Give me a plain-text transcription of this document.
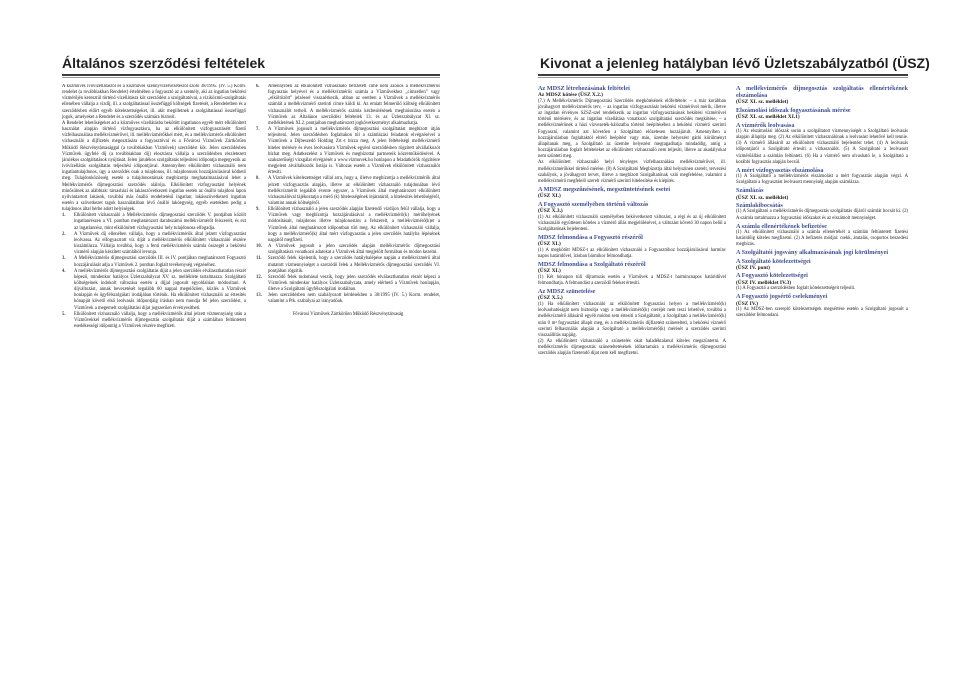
Általános szerződési feltételek	Kivonat a jelenleg hatályban lévő Üzletszabályzatból (ÜSZ)

A közműves ivóvízellátásról és a közműves szennyvízelvezetésről szóló 38/1995. (IV. 5.) Korm. rendelet (a továbbiakban Rendelet) értelmében a fogyasztó az a személy, aki az ingatlan bekötési vízmérőjén keresztül történő vízellátásra köt szerződést a szolgáltatóval, a víziközmű-szolgáltatás ellenében vállalja a vízdíj, ill. a szolgáltatással összefüggő költségek fizetését, a Rendeletben és a szerződésben előírt egyéb kötelezettségeket, ill. akit megilletnek a szolgáltatással összefüggő jogok, amelyeket a Rendelet és a szerződés számára biztosít.

A Rendelet lehetőségeket ad a közműves vízellátásba bekötött ingatlanon egyéb mért elkülönített használat alapján történő vízfogyasztásra, ha az elkülönített vízfogyasztásért fizető vízfelhasználása mellékvízmérővel, ill. mellékvízmérőkkel mért, és a mellékvízmérős elkülönített vízhasználó a díjfizetés megosztására a fogyasztóval és a Fővárosi Vízművek Zártkörűen Működő Részvénytársasággal (a továbbiakban Vízművek) szerződést köt. Jelen szerződésben Vízművek ügyfelé díj (a továbbiakban díj) elosztásra vállalja a szerződésben részletezett járulékos szolgáltatások nyújtását. Jelen járulékos szolgáltatás teljesítési időpontja megegyezik az ivóvízellátás szolgáltatás teljesítési időpontjával. Amennyiben elkülönített vízhasználó nem ingatlantulajdonos, úgy a szerződés csak a tulajdonos, ill. tulajdonosok hozzájárulásával köthető meg. Tulajdonközösség esetén a tulajdonostársak megbízottja meghatalmazásával lehet a Mellékvízmérős díjmegosztási szerződés aláírója. Elkülönített vízfogyasztást helyének minősülnek az alábbiak: társasházi és lakásszövetkezeti ingatlan esetén az önálló tulajdoni lapon nyilvántartott lakások, továbbá más önálló rendeltetésű ingatlan; lakásszövetkezeti ingatlan esetén a szövetkezet tagok használatában lévő önálló lakóegység, egyéb esetekben pedig a tulajdonos által bérbe adott helyiségek.

1.	Elkülönített vízhasználó a Mellékvízmérős díjmegosztási szerződés V. pontjában közölt ingatlanrészen a VI. pontban meghatározott darabszámú mellékvízmérőt felszerelt, és ezt az ingatlanrész, mint elkülönített vízfogyasztási hely tulajdonosa elfogadja.
2.	A Vízművek díj ellenében vállalja, hogy a mellékvízmérők által jelzett vízfogyasztást leolvassa. Az elfogyasztott víz díját a mellékvízmérős elkülönített vízhasználó részére kiszámlázza. Vállalja továbbá, hogy a fenti mellékvízmérős számla összegét a bekötési vízmérő alapján készített számlából levonja.
3.	A Mellékvízmérős díjmegosztási szerződés III. és IV. pontjában meghatározott Fogyasztó hozzájárulását adja a Vízművek 2. pontban foglalt tevékenység végzéséhez.
4.	A mellékvízmérős díjmegosztási szolgáltatás díját a jelen szerződés elválaszthatatlan részét képező, mindenkor hatályos Üzletszabályzat XV. sz. melléklete tartalmazza. Szolgáltató költségeinek indokolt változása esetén a díjjal jogosult egyoldalúan módosítani. A díjváltozást, annak bevezetését legalább 60 nappal megelőzően, közlés a Vízművek honlapján és ügyfélszolgálati irodájában történik. Ha elkülönített vízhasználó az értesítés hónapját követő első leolvasás időpontjáig írásban nem mondja fel jelen szerződést, a Vízművek a megemelt szolgáltatási díjat jogszerűen érvényesítheti.
5.	Elkülönített vízhasználó vállalja, hogy a mellékvízmérők által jelzett vízmennyiség után a Vízművekkel mellékvízmérős díjmegosztás szolgáltatás díját a számlában feltüntetett esedékességi időpontig a Vízművek részére megfizeti.
6.	Amennyiben az elkülönített vízhasználó befizetett címe nem azonos a mellékvízmérős fogyasztás helyével és a mellékvízmérős számla a Vízművekhez „címzetlen” vagy „elköltözött” jelzéssel visszaérkezik, abban az esetben a Vízművek a mellékvízmérős számlát a mellékvízmérő szerinti címre küldi ki. Az emiatt felmerülő költség elkülönített vízhasználót terheli. A mellékvízmérős számla kézbesítésének meghiúsulása esetén a Vízművek az Általános szerződési feltételek 13. és az Üzletszabályzat XI. sz. mellékletének XI.2. pontjaiban meghatározott jogkövetkezményt alkalmazhatja.
7.	A Vízművek jogosult a mellékvízmérős díjmegosztási szolgáltatást megbízott útján teljesíteni. Jelen szerződésben foglaltakon túl a számlázási feladatok elvégzésével a Vízművek a Díjbeszedő Holding Zrt.-t bízza meg. A jelen feltételségi mellékvízmérő hiteles mérésre és éves leolvasásra Vízművek egyéni szerződésben rögzített alvállalkozót bízhat meg. Adatkezelést a Vízművek és megbízottai partnereik közreműködésével. A szakszerűségi vizsgálat elvégzését a www.vizmuvek.hu honlapon a feladatkörök rögzítésre megjelent alvállalkozók listája is. Változás esetén a Vízművek elkülönített vízhasználót értesíti.
8.	A Vízművek kötelezettséget vállal arra, hogy a, illetve megbízottja a mellékvízmérők által jelzett vízfogyasztás alapján, illetve az elkülönített vízhasználó tulajdonában lévő mellékvízmérőt legalább évente egyszer, a Vízművek által meghatározott elkülönített vízhasználóval tájékoztatja a mérő (k) hitelességének lejáratáról, a hitelesítés lehetőségéről, valamint annak költségéről.
9.	Elkülönített vízhasználó a jelen szerződés alapján fizetendő vízdíjon felül vállalja, hogy a Vízművek vagy megbízottja hozzájárulásával a mellékvízmérő(k) mérőhelyének módosításait, tulajdonos illetve tulajdonostárs a felszerelt, a mellékvízmérő(k)et a Vízművek által meghatározott időpontban tűri meg. Az elkülönített vízhasználó vállalja, hogy a mellékvízmérő(k) által mért vízfogyasztás a jelen szerződés hatályba lépésének napjától megfizeti.
10.	A Vízművek jogosult a jelen szerződés alapján mellékvízmérős díjmegosztási szolgáltatásra vonatkozó adatokat a Vízművek által megjelölt formában és módon kezelni.
11.	Szerződő felek kijelentik, hogy a szerződés hatálybalépése napján a mellékvízmérő által mutatott vízmennyiséget a szerződő felek a Mellékvízmérős díjmegosztási szerződés VI. pontjában rögzítik.
12.	Szerződő felek tudomásul veszik, hogy jelen szerződés elválaszthatatlan részét képezi a Vízművek mindenkor hatályos Üzletszabályzata, amely elérhető a Vízművek honlapján, illetve a Szolgáltató ügyfélszolgálati irodáiban.
13.	Jelen szerződésben nem szabályozott kérdésekben a 38/1995 (IV. 5.) Korm. rendelet, valamint a Ptk. szabályai az irányadóak.

Fővárosi Vízművek Zártkörűen Működő Részvénytársaság

Az MDSZ létrehozásának feltételei
Az MDSZ kötése (ÜSZ X.2.)

(7.) A Mellékvízmérős Díjmegosztási Szerződés megkötésének előfeltétele: – a már korábban jóváhagyott mellékvízmérős terv, – az ingatlan vízfogyasztását bekötési vízmérővel mérik, illetve az ingatlan érvényes SZSZ-szel rendelkezik az ingatlan vízfogyasztásának bekötési vízmérővel történő mérésére, és az ingatlan vízellátása vonatkozó szolgáltatási szerződés megkötése, – a mellékvízmérőnek a házi vízvezeték-hálózatba történő beépítéséhez a bekötési vízmérő szerinti Fogyasztó, valamint azt követően a Szolgáltató előzetesen hozzájárult. Amennyiben a hozzájárulásban foglaltaktól eltérő beépítést vagy más, üzembe helyezést gátló körülményt állapítanak meg, a Szolgáltató az üzembe helyezést megtagadhatja mindaddig, amíg a hozzájárulásban foglalt feltételeket az elkülönített vízhasználó nem teljesíti, illetve az akadályokat nem szünteti meg.

Az elkülönített vízhasználó helyi tényleges vízfelhasználása mellékvízmérővel, ill. mellékvízmérőkkel történő mérése. (8) A Szolgáltató Megbízottja által helyszínen szerelt, tervezési szabályok, a jóváhagyott tervet, illetve a megbízott Szolgáltatónak való megfelelése, valamint a mellékvízmérő megfelelő szerelt vízmérő szerinti hitelesítése és kiépítés.

A MDSZ megszűnésének, megszüntetésének esetei
(ÜSZ XI.)
A Fogyasztó személyében történő változás
(ÜSZ X.3.)

(1) Az elkülönített vízhasználó személyében bekövetkezett változást, a régi és az új elkülönített vízhasználó együttesen köteles a vízmérő állás megjelölésével, a változást követő 30 napon belül a Szolgáltatónak bejelenteni.

MDSZ felmondása a Fogyasztó részéről
(ÜSZ XI.)

(1) A megkötött MDSZ-t az elkülönített vízhasználó a Fogyasztóhoz hozzájárulásával harminc napos határidővel, írásban bármikor felmondhatja.

MDSZ felmondása a Szolgáltató részéről
(ÜSZ XI.)

(1) Két hónapon túli díjtartozás esetén a Vízművek a MDSZ-t harmincnapos határidővel felmondhatja. A felmondást a szerződő feleket értesíti.

Az MDSZ szünetelése
(ÜSZ X.5.)

(1) Ha elkülönített vízhasználó az elkülönített fogyasztási helyen a mellékvízmérő(k) leolvashatóságát nem biztosítja vagy a mellékvízmérő(k) cseréjét nem teszi lehetővé, továbbá a mellékvízmérő állásáról egyéb módon sem értesíti a Szolgáltatót, a Szolgáltató a mellékvízmérő(k) után 0 m³ fogyasztást állapít meg, és a mellékvízmérős díjfizetést szünetelteti, a bekötési vízmérő szerinti felhasználás alapján a Szolgáltató a mellékvízmérő(k) mérését a szerződés szerinti visszaállítás napjáig.

(2) Az elkülönített vízhasználó a szünetelés okát haladéktalanul köteles megszüntetni. A mellékvízmérős díjmegosztás szüneteltetésének időtartamára a mellékvízmérős díjmegosztási szerződés alapján fizetendő díjat nem kell megfizetni.

A mellékvízmérős díjmegosztás szolgáltatás ellenértékének elszámolása
(ÜSZ XI. sz. melléklet)
Elszámolási időszak fogyasztásának mérése
(ÜSZ XI. sz. melléklet XI.1)
A vízmérők leolvasása

(1) Az elszámolási időszak során a szolgáltatott vízmennyiségét a Szolgáltató leolvasás alapján állapítja meg. (2) Az elkülönített vízhasználónak a leolvasást lehetővé kell tennie. (3) A vízmérő állásáról az elkülönített vízhasználó bejelentést tehet. (4) A leolvasás időpontjáról a Szolgáltató értesíti a vízhasználót. (5) A Szolgáltató a leolvasott vízmérőállást a számlán feltünteti. (6) Ha a vízmérő nem olvasható le, a Szolgáltató a korábbi fogyasztás alapján becsül.

A mért vízfogyasztás elszámolása

(1) A Szolgáltató a mellékvízmérős elszámolást a mért fogyasztás alapján végzi. A Szolgáltató a fogyasztást leolvasott mennyiség alapján számlázza.

Számlázás
(ÜSZ XI. sz. melléklet)
Számlakibocsátás

(1) A Szolgáltató a mellékvízmérős díjmegosztás szolgáltatás díjáról számlát bocsát ki. (2) A számla tartalmazza a fogyasztási időszakot és az elszámolt mennyiséget.

A számla ellenértékének befizetése

(1) Az elkülönített vízhasználó a számla ellenértékét a számlán feltüntetett fizetési határidőig köteles megfizetni. (2) A befizetés módjai: csekk, átutalás, csoportos beszedési megbízás.

A Szolgáltatói jogsvány alkalmazásának jogi körülményei
A Szolgáltató kötelezettségei
(ÜSZ IV. pont)
A Fogyasztó kötelezettségei
(ÜSZ IV. melléklet IV.3)

(1) A Fogyasztó a szerződésben foglalt kötelezettségeit teljesíti.

A Fogyasztó jogsértő cselekményei
(ÜSZ IV.)

(1) Az MDSZ-ben szereplő kötelezettségek megsértése esetén a Szolgáltató jogosult a szerződést felmondani.
